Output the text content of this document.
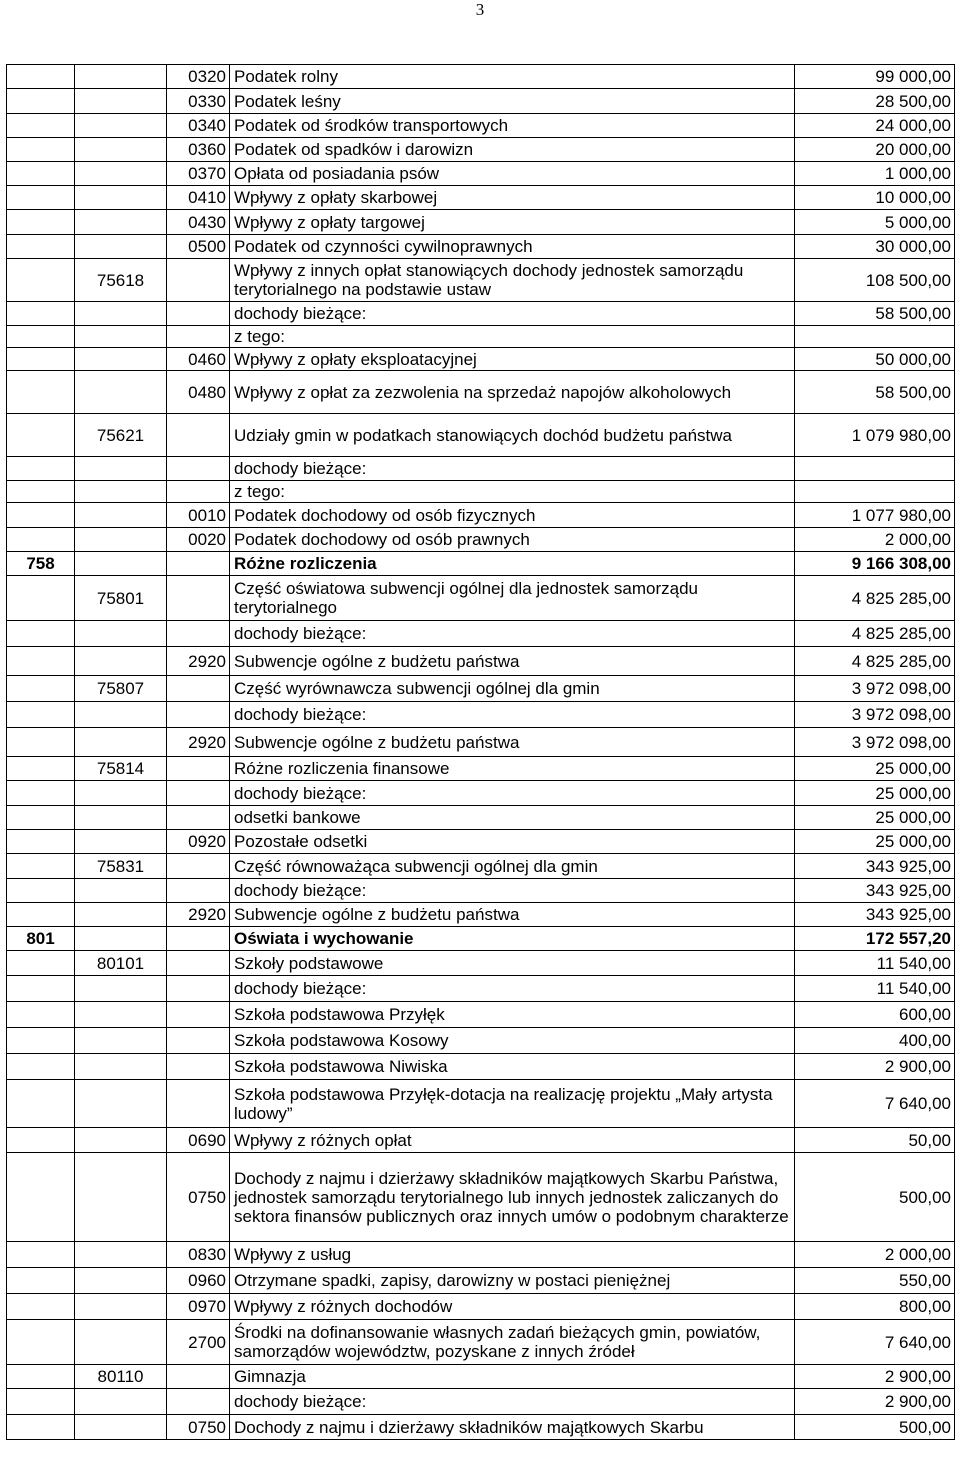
3
		0320	Podatek rolny	99 000,00
		0330	Podatek leśny	28 500,00
		0340	Podatek od środków transportowych	24 000,00
		0360	Podatek od spadków i darowizn	20 000,00
		0370	Opłata od posiadania psów	1 000,00
		0410	Wpływy z opłaty skarbowej	10 000,00
		0430	Wpływy z opłaty targowej	5 000,00
		0500	Podatek od czynności cywilnoprawnych	30 000,00
	75618		Wpływy z innych opłat stanowiących dochody jednostek samorządu terytorialnego na podstawie ustaw	108 500,00
			dochody bieżące:	58 500,00
			z tego:	
		0460	Wpływy z opłaty eksploatacyjnej	50 000,00
		0480	Wpływy z opłat za zezwolenia na sprzedaż napojów alkoholowych	58 500,00
	75621		Udziały gmin w podatkach stanowiących dochód budżetu państwa	1 079 980,00
			dochody bieżące:	
			z tego:	
		0010	Podatek dochodowy od osób fizycznych	1 077 980,00
		0020	Podatek dochodowy od osób prawnych	2 000,00
758			Różne rozliczenia	9 166 308,00
	75801		Część oświatowa subwencji ogólnej dla jednostek samorządu terytorialnego	4 825 285,00
			dochody bieżące:	4 825 285,00
		2920	Subwencje ogólne z budżetu państwa	4 825 285,00
	75807		Część wyrównawcza subwencji ogólnej dla gmin	3 972 098,00
			dochody bieżące:	3 972 098,00
		2920	Subwencje ogólne z budżetu państwa	3 972 098,00
	75814		Różne rozliczenia finansowe	25 000,00
			dochody bieżące:	25 000,00
			odsetki bankowe	25 000,00
		0920	Pozostałe odsetki	25 000,00
	75831		Część równoważąca subwencji ogólnej dla gmin	343 925,00
			dochody bieżące:	343 925,00
		2920	Subwencje ogólne z budżetu państwa	343 925,00
801			Oświata i wychowanie	172 557,20
	80101		Szkoły podstawowe	11 540,00
			dochody bieżące:	11 540,00
			Szkoła podstawowa Przyłęk	600,00
			Szkoła podstawowa Kosowy	400,00
			Szkoła podstawowa Niwiska	2 900,00
			Szkoła podstawowa Przyłęk-dotacja na realizację projektu „Mały artysta ludowy”	7 640,00
		0690	Wpływy z różnych opłat	50,00
		0750	Dochody z najmu i dzierżawy składników majątkowych Skarbu Państwa, jednostek samorządu terytorialnego lub innych jednostek zaliczanych do sektora finansów publicznych oraz innych umów o podobnym charakterze	500,00
		0830	Wpływy z usług	2 000,00
		0960	Otrzymane spadki, zapisy, darowizny w postaci pieniężnej	550,00
		0970	Wpływy z różnych dochodów	800,00
		2700	Środki na dofinansowanie własnych zadań bieżących gmin, powiatów, samorządów województw, pozyskane z innych źródeł	7 640,00
	80110		Gimnazja	2 900,00
			dochody bieżące:	2 900,00
		0750	Dochody z najmu i dzierżawy składników majątkowych Skarbu	500,00
